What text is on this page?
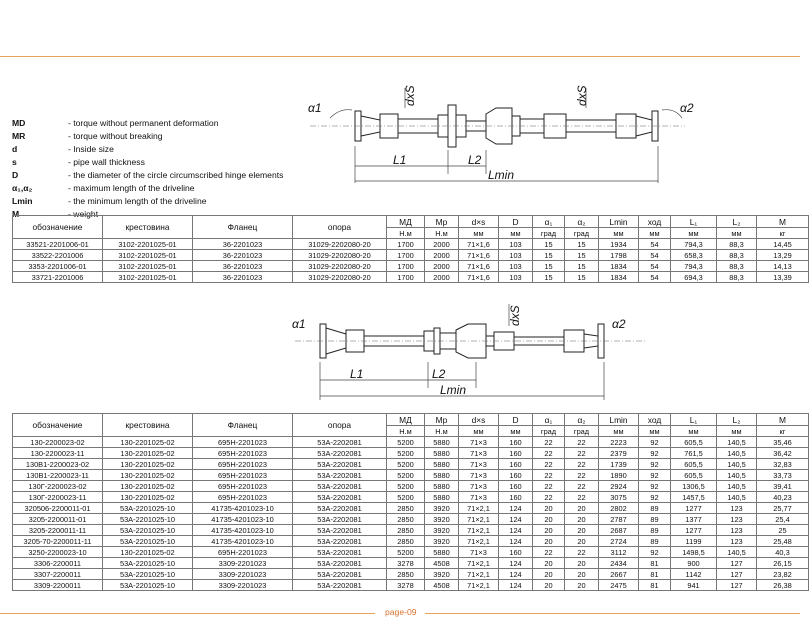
α1	α2
dxS	dxS
L1	L2
Lmin
MD	- torque without permanent deformation
MR	- torque without breaking
d	- Inside size
s	- pipe wall thickness
D	- the diameter of the circle circumscribed hinge elements
α₁,α₂	- maximum length of the driveline
Lmin	- the minimum length of the driveline
M	- weight
обозначение	крестовина	Фланец	опора	МД	Мр	d×s	D	α₁	α₂	Lmin	ход	L₁	L₂	M
				Н.м	Н.м	мм	мм	град	град	мм	мм	мм	мм	кг
33521-2201006-01	3102-2201025-01	36-2201023	31029-2202080-20	1700	2000	71×1,6	103	15	15	1934	54	794,3	88,3	14,45
33522-2201006	3102-2201025-01	36-2201023	31029-2202080-20	1700	2000	71×1,6	103	15	15	1798	54	658,3	88,3	13,29
3353-2201006-01	3102-2201025-01	36-2201023	31029-2202080-20	1700	2000	71×1,6	103	15	15	1834	54	794,3	88,3	14,13
33721-2201006	3102-2201025-01	36-2201023	31029-2202080-20	1700	2000	71×1,6	103	15	15	1834	54	694,3	88,3	13,39
α1	α2
dxS
L1	L2
Lmin
обозначение	крестовина	Фланец	опора	МД	Мр	d×s	D	α₁	α₂	Lmin	ход	L₁	L₂	M
				Н.м	Н.м	мм	мм	град	град	мм	мм	мм	мм	кг
130-2200023-02	130-2201025-02	695H-2201023	53A-2202081	5200	5880	71×3	160	22	22	2223	92	605,5	140,5	35,46
130-2200023-11	130-2201025-02	695H-2201023	53A-2202081	5200	5880	71×3	160	22	22	2379	92	761,5	140,5	36,42
130В1-2200023-02	130-2201025-02	695H-2201023	53A-2202081	5200	5880	71×3	160	22	22	1739	92	605,5	140,5	32,83
130В1-2200023-11	130-2201025-02	695H-2201023	53A-2202081	5200	5880	71×3	160	22	22	1890	92	605,5	140,5	33,73
130Г-2200023-02	130-2201025-02	695H-2201023	53A-2202081	5200	5880	71×3	160	22	22	2924	92	1306,5	140,5	39,41
130Г-2200023-11	130-2201025-02	695H-2201023	53A-2202081	5200	5880	71×3	160	22	22	3075	92	1457,5	140,5	40,23
320506-2200011-01	53A-2201025-10	41735-4201023-10	53A-2202081	2850	3920	71×2,1	124	20	20	2802	89	1277	123	25,77
3205-2200011-01	53A-2201025-10	41735-4201023-10	53A-2202081	2850	3920	71×2,1	124	20	20	2787	89	1377	123	25,4
3205-2200011-11	53A-2201025-10	41735-4201023-10	53A-2202081	2850	3920	71×2,1	124	20	20	2687	89	1277	123	25
3205-70-2200011-11	53A-2201025-10	41735-4201023-10	53A-2202081	2850	3920	71×2,1	124	20	20	2724	89	1199	123	25,48
3250-2200023-10	130-2201025-02	695H-2201023	53A-2202081	5200	5880	71×3	160	22	22	3112	92	1498,5	140,5	40,3
3306-2200011	53A-2201025-10	3309-2201023	53A-2202081	3278	4508	71×2,1	124	20	20	2434	81	900	127	26,15
3307-2200011	53A-2201025-10	3309-2201023	53A-2202081	2850	3920	71×2,1	124	20	20	2667	81	1142	127	23,82
3309-2200011	53A-2201025-10	3309-2201023	53A-2202081	3278	4508	71×2,1	124	20	20	2475	81	941	127	26,38
page-09
